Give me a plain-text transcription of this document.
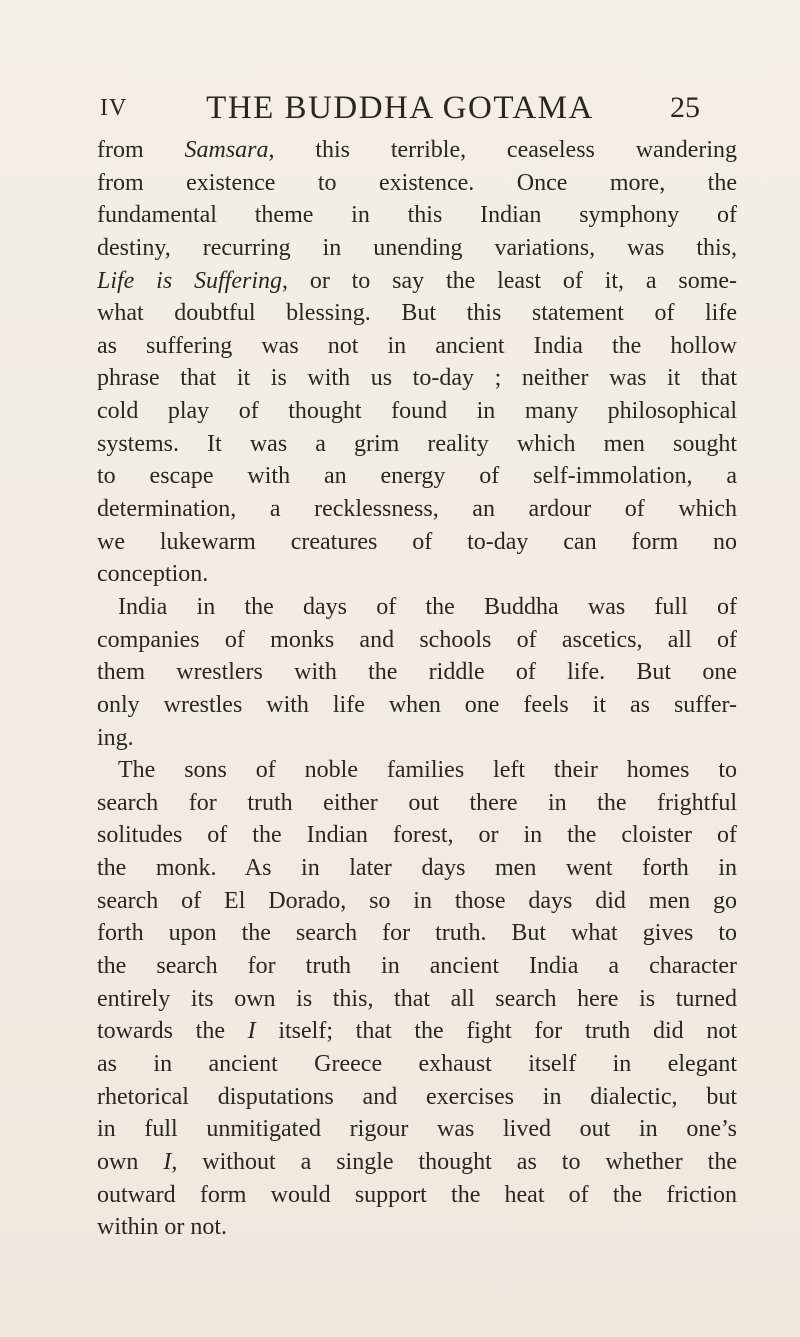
IV	THE BUDDHA GOTAMA	25
from Samsara, this terrible, ceaseless wandering
from existence to existence. Once more, the
fundamental theme in this Indian symphony of
destiny, recurring in unending variations, was this,
Life is Suffering, or to say the least of it, a some-
what doubtful blessing. But this statement of life
as suffering was not in ancient India the hollow
phrase that it is with us to-day ; neither was it that
cold play of thought found in many philosophical
systems. It was a grim reality which men sought
to escape with an energy of self-immolation, a
determination, a recklessness, an ardour of which
we lukewarm creatures of to-day can form no
conception.
India in the days of the Buddha was full of
companies of monks and schools of ascetics, all of
them wrestlers with the riddle of life. But one
only wrestles with life when one feels it as suffer-
ing.
The sons of noble families left their homes to
search for truth either out there in the frightful
solitudes of the Indian forest, or in the cloister of
the monk. As in later days men went forth in
search of El Dorado, so in those days did men go
forth upon the search for truth. But what gives to
the search for truth in ancient India a character
entirely its own is this, that all search here is turned
towards the I itself; that the fight for truth did not
as in ancient Greece exhaust itself in elegant
rhetorical disputations and exercises in dialectic, but
in full unmitigated rigour was lived out in one’s
own I, without a single thought as to whether the
outward form would support the heat of the friction
within or not.
